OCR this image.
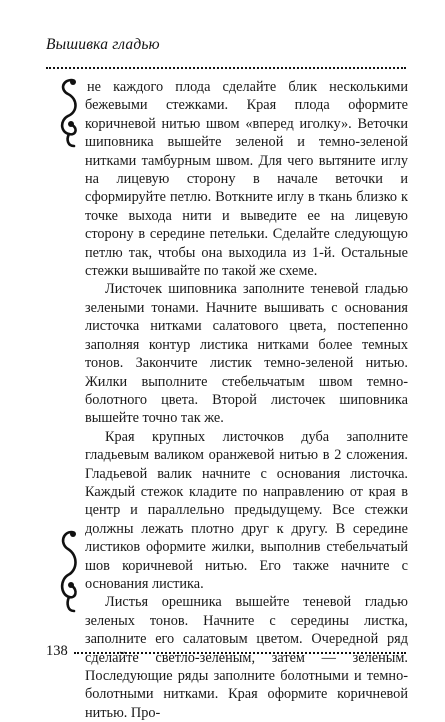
Вышивка гладью

не каждого плода сделайте блик несколькими бежевыми стежками. Края плода оформите коричневой нитью швом «вперед иголку». Веточки шиповника вышейте зеленой и темно-зеленой нитками тамбурным швом. Для чего вытяните иглу на лицевую сторону в начале веточки и сформируйте петлю. Воткните иглу в ткань близко к точке выхода нити и выведите ее на лицевую сторону в середине петельки. Сделайте следующую петлю так, чтобы она выходила из 1-й. Остальные стежки вышивайте по такой же схеме.

Листочек шиповника заполните теневой гладью зелеными тонами. Начните вышивать с основания листочка нитками салатового цвета, постепенно заполняя контур листика нитками более темных тонов. Закончите листик темно-зеленой нитью. Жилки выполните стебельчатым швом темно-болотного цвета. Второй листочек шиповника вышейте точно так же.

Края крупных листочков дуба заполните гладьевым валиком оранжевой нитью в 2 сложения. Гладьевой валик начните с основания листочка. Каждый стежок кладите по направлению от края в центр и параллельно предыдущему. Все стежки должны лежать плотно друг к другу. В середине листиков оформите жилки, выполнив стебельчатый шов коричневой нитью. Его также начните с основания листика.

Листья орешника вышейте теневой гладью зеленых тонов. Начните с середины листка, заполните его салатовым цветом. Очередной ряд сделайте светло-зеленым, затем — зеленым. Последующие ряды заполните болотными и темно-болотными нитками. Края оформите коричневой нитью. Про-

138
